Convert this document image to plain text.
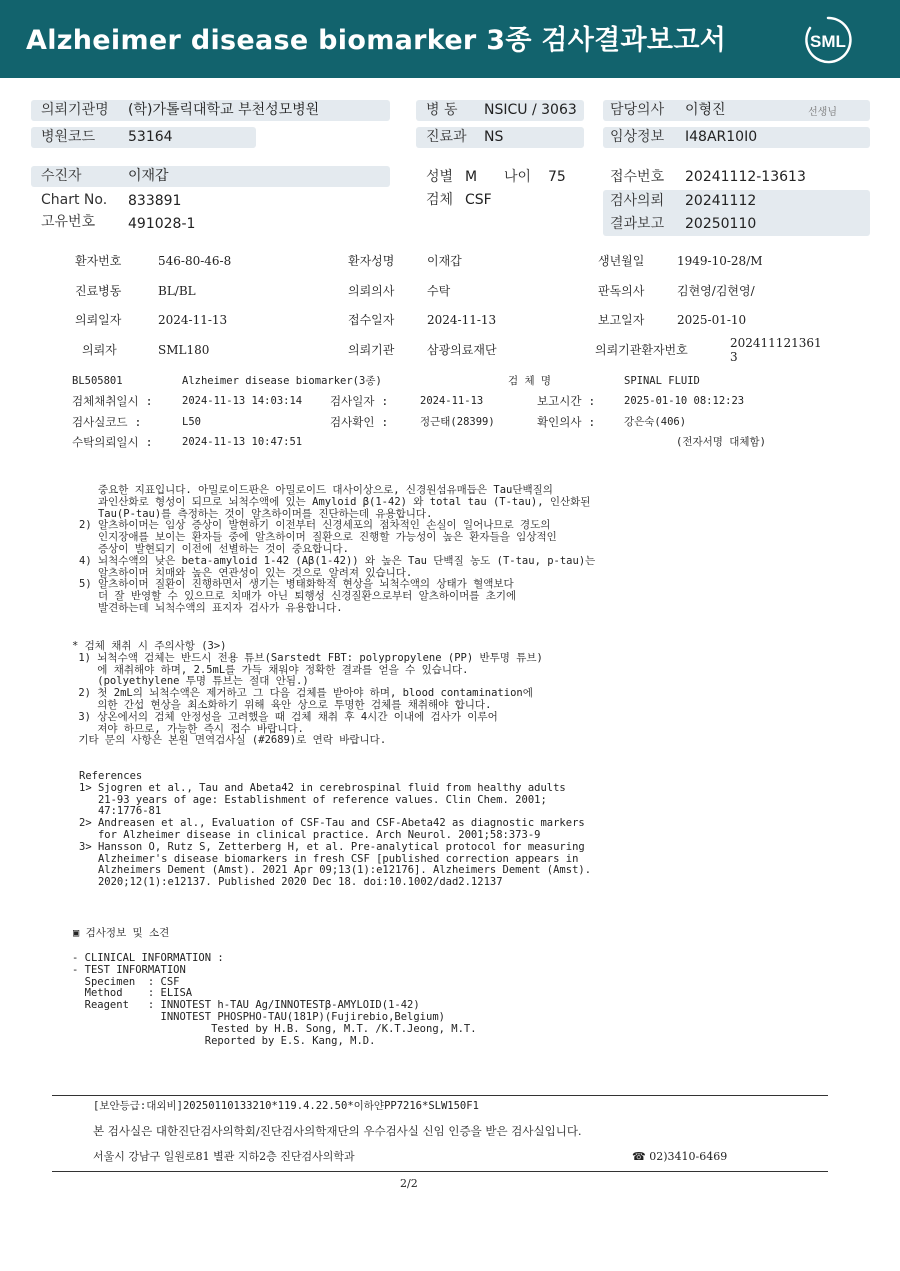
Alzheimer disease biomarker 3종 검사결과보고서	SML
의뢰기관명 (학)가톨릭대학교 부천성모병원
병원코드 53164
병 동 NSICU / 3063
진료과 NS
담당의사 이형진	선생님
임상정보 I48AR10I0
수진자	이재갑
Chart No. 833891
고유번호 491028-1
성별 M 나이 75
검체 CSF
접수번호 20241112-13613
검사의뢰 20241112
결과보고 20250110
환자번호	546-80-46-8	환자성명	이재갑	생년월일	1949-10-28/M
진료병동	BL/BL	의뢰의사	수탁	판독의사	김현영/김현영/
의뢰일자	2024-11-13	접수일자	2024-11-13	보고일자	2025-01-10
의뢰자	SML180	의뢰기관	삼광의료재단	의뢰기관환자번호	202411121361
3
BL505801	Alzheimer disease biomarker(3종)	검 체 명	SPINAL FLUID
검체채취일시 :	2024-11-13 14:03:14 검사일자 :	2024-11-13	보고시간 :	2025-01-10 08:12:23
검사실코드 :	L50	검사확인 :	정근태(28399)	확인의사 :	강은숙(406)
수탁의뢰일시 :	2024-11-13 10:47:51	(전자서명 대체함)
중요한 지표입니다. 아밀로이드판은 아밀로이드 대사이상으로, 신경원섬유매듭은 Tau단백질의
과인산화로 형성이 되므로 뇌척수액에 있는 Amyloid β(1-42) 와 total tau (T-tau), 인산화된
Tau(P-tau)를 측정하는 것이 알츠하이머를 진단하는데 유용합니다.
2) 알츠하이머는 임상 증상이 발현하기 이전부터 신경세포의 점차적인 손실이 일어나므로 경도의
인지장애를 보이는 환자들 중에 알츠하이머 질환으로 진행할 가능성이 높은 환자들을 임상적인
증상이 발현되기 이전에 선별하는 것이 중요합니다.
4) 뇌척수액의 낮은 beta-amyloid 1-42 (Aβ(1-42)) 와 높은 Tau 단백질 농도 (T-tau, p-tau)는
알츠하이머 치매와 높은 연관성이 있는 것으로 알려져 있습니다.
5) 알츠하이머 질환이 진행하면서 생기는 병태화학적 현상을 뇌척수액의 상태가 혈액보다
더 잘 반영할 수 있으므로 치매가 아닌 퇴행성 신경질환으로부터 알츠하이머를 초기에
발견하는데 뇌척수액의 표지자 검사가 유용합니다.
* 검체 채취 시 주의사항 (3>)
1) 뇌척수액 검체는 반드시 전용 튜브(Sarstedt FBT: polypropylene (PP) 반투명 튜브)
에 채취해야 하며, 2.5mL를 가득 채워야 정확한 결과를 얻을 수 있습니다.
(polyethylene 투명 튜브는 절대 안됨.)
2) 첫 2mL의 뇌척수액은 제거하고 그 다음 검체를 받아야 하며, blood contamination에
의한 간섭 현상을 최소화하기 위해 육안 상으로 투명한 검체를 채취해야 합니다.
3) 상온에서의 검체 안정성을 고려했을 때 검체 채취 후 4시간 이내에 검사가 이루어
져야 하므로, 가능한 즉시 접수 바랍니다.
기타 문의 사항은 본원 면역검사실 (#2689)로 연락 바랍니다.
References
1> Sjogren et al., Tau and Abeta42 in cerebrospinal fluid from healthy adults
21-93 years of age: Establishment of reference values. Clin Chem. 2001;
47:1776-81
2> Andreasen et al., Evaluation of CSF-Tau and CSF-Abeta42 as diagnostic markers
for Alzheimer disease in clinical practice. Arch Neurol. 2001;58:373-9
3> Hansson O, Rutz S, Zetterberg H, et al. Pre-analytical protocol for measuring
Alzheimer's disease biomarkers in fresh CSF [published correction appears in
Alzheimers Dement (Amst). 2021 Apr 09;13(1):e12176]. Alzheimers Dement (Amst).
2020;12(1):e12137. Published 2020 Dec 18. doi:10.1002/dad2.12137
▣ 검사정보 및 소견
- CLINICAL INFORMATION :
- TEST INFORMATION
Specimen  : CSF
Method    : ELISA
Reagent   : INNOTEST h-TAU Ag/INNOTESTβ-AMYLOID(1-42)
INNOTEST PHOSPHO-TAU(181P)(Fujirebio,Belgium)
Tested by H.B. Song, M.T. /K.T.Jeong, M.T.
Reported by E.S. Kang, M.D.
[보안등급:대외비]20250110133210*119.4.22.50*이하얀PP7216*SLW150F1
본 검사실은 대한진단검사의학회/진단검사의학재단의 우수검사실 신임 인증을 받은 검사실입니다.
서울시 강남구 일원로81 별관 지하2층 진단검사의학과	☎ 02)3410-6469
2/2
